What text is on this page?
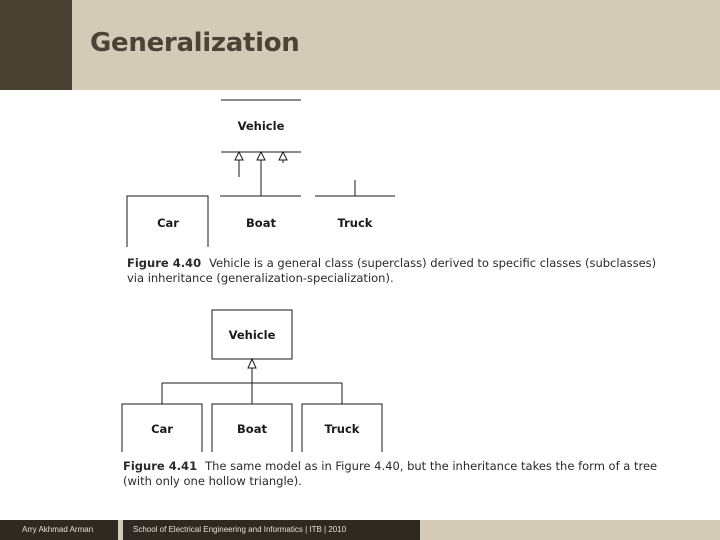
Generalization
Vehicle
Car	Boat	Truck
Vehicle
Car	Boat	Truck
Figure 4.40 Vehicle is a general class (superclass) derived to specific classes (subclasses)
via inheritance (generalization-specialization).
Figure 4.41 The same model as in Figure 4.40, but the inheritance takes the form of a tree
(with only one hollow triangle).
Arry Akhmad Arman	School of Electrical Engineering and Informatics | ITB | 2010
